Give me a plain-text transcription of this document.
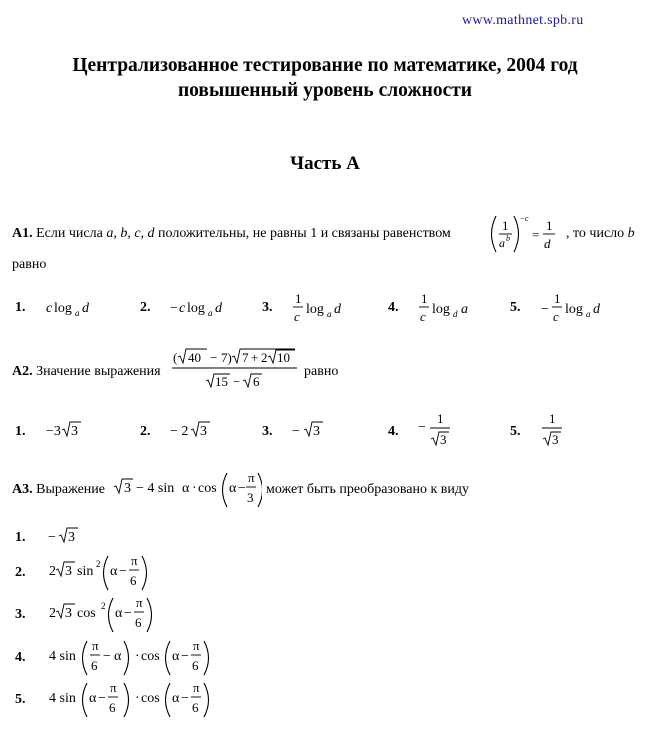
www.mathnet.spb.ru
Централизованное тестирование по математике, 2004 год
повышенный уровень сложности
Часть А
A1. Если числа a, b, c, d положительны, не равны 1 и связаны равенством
1
a b
− c
=
1
d
, то число b
равно
1. c log a d	2. − c log a d	3.
1
c log a d	4.
1
c log d a	5. −
1
c log a d
A2. Значение выражения
( 40 − 7) 7 + 2 10
15 − 6
равно
1. −3 3	2. − 2 3	3. − 3	4. −
1
3
5.
1
3
A3. Выражение 3 − 4 sin α · cos α −
π
3
может быть преобразовано к виду
1. − 3
2. 2 3 sin 2 α −
π
6
3. 2 3 cos 2 α −
π
6
4. 4 sin
π
6
− α · cos α −
π
6
5. 4 sin α −
π
6
· cos α −
π
6
